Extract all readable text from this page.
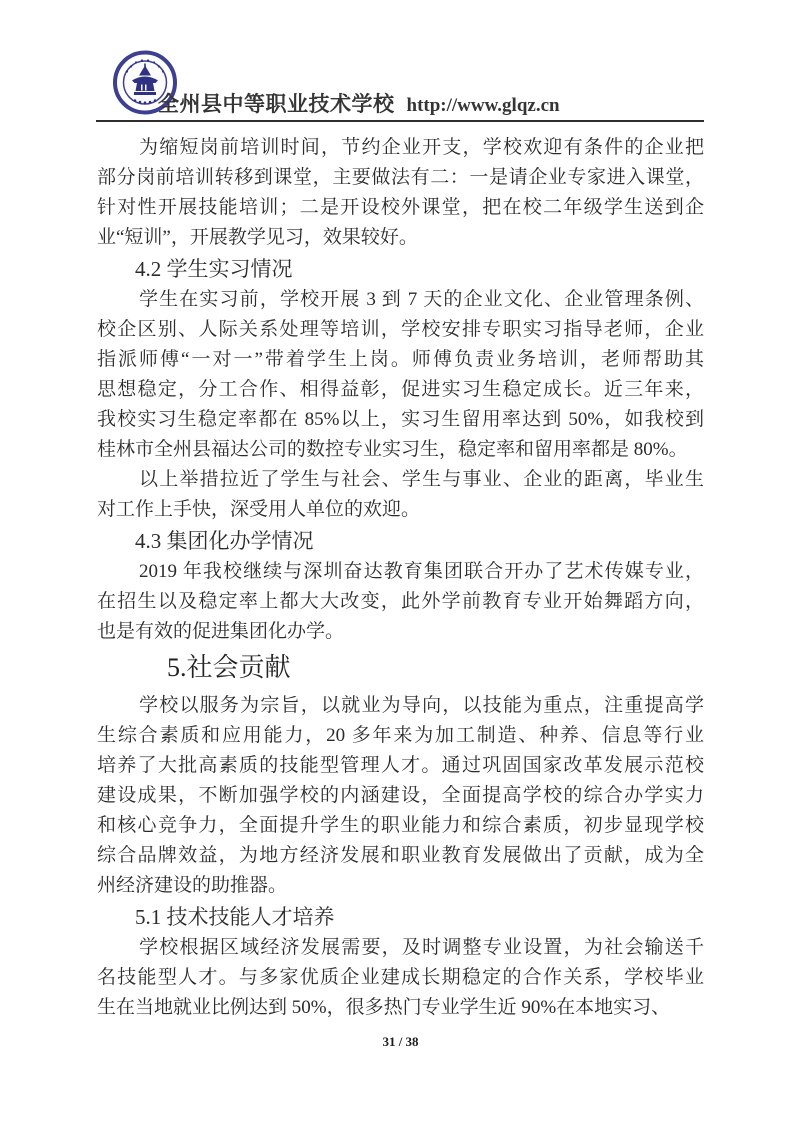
全州县中等职业技术学校 http://www.glqz.cn
为缩短岗前培训时间，节约企业开支，学校欢迎有条件的企业把
部分岗前培训转移到课堂，主要做法有二：一是请企业专家进入课堂，
针对性开展技能培训；二是开设校外课堂，把在校二年级学生送到企
业“短训”，开展教学见习，效果较好。
4.2 学生实习情况
学生在实习前，学校开展 3 到 7 天的企业文化、企业管理条例、
校企区别、人际关系处理等培训，学校安排专职实习指导老师，企业
指派师傅“一对一”带着学生上岗。师傅负责业务培训，老师帮助其
思想稳定，分工合作、相得益彰，促进实习生稳定成长。近三年来，
我校实习生稳定率都在 85%以上，实习生留用率达到 50%，如我校到
桂林市全州县福达公司的数控专业实习生，稳定率和留用率都是 80%。
以上举措拉近了学生与社会、学生与事业、企业的距离，毕业生
对工作上手快，深受用人单位的欢迎。
4.3 集团化办学情况
2019 年我校继续与深圳奋达教育集团联合开办了艺术传媒专业，
在招生以及稳定率上都大大改变，此外学前教育专业开始舞蹈方向，
也是有效的促进集团化办学。
5.社会贡献
学校以服务为宗旨，以就业为导向，以技能为重点，注重提高学
生综合素质和应用能力，20 多年来为加工制造、种养、信息等行业
培养了大批高素质的技能型管理人才。通过巩固国家改革发展示范校
建设成果，不断加强学校的内涵建设，全面提高学校的综合办学实力
和核心竞争力，全面提升学生的职业能力和综合素质，初步显现学校
综合品牌效益，为地方经济发展和职业教育发展做出了贡献，成为全
州经济建设的助推器。
5.1 技术技能人才培养
学校根据区域经济发展需要，及时调整专业设置，为社会输送千
名技能型人才。与多家优质企业建成长期稳定的合作关系，学校毕业
生在当地就业比例达到 50%，很多热门专业学生近 90%在本地实习、
31 / 38
